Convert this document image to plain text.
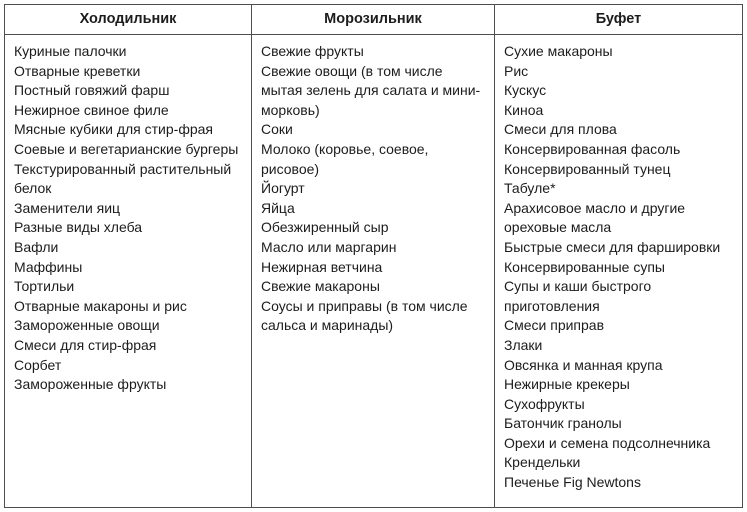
Холодильник
Куриные палочки
Отварные креветки
Постный говяжий фарш
Нежирное свиное филе
Мясные кубики для стир-фрая
Соевые и вегетарианские бургеры
Текстурированный растительный белок
Заменители яиц
Разные виды хлеба
Вафли
Маффины
Тортильи
Отварные макароны и рис
Замороженные овощи
Смеси для стир-фрая
Сорбет
Замороженные фрукты
Морозильник
Свежие фрукты
Свежие овощи (в том числе мытая зелень для салата и мини-морковь)
Соки
Молоко (коровье, соевое, рисовое)
Йогурт
Яйца
Обезжиренный сыр
Масло или маргарин
Нежирная ветчина
Свежие макароны
Соусы и приправы (в том числе сальса и маринады)
Буфет
Сухие макароны
Рис
Кускус
Киноа
Смеси для плова
Консервированная фасоль
Консервированный тунец
Табуле*
Арахисовое масло и другие ореховые масла
Быстрые смеси для фаршировки
Консервированные супы
Супы и каши быстрого приготовления
Смеси приправ
Злаки
Овсянка и манная крупа
Нежирные крекеры
Сухофрукты
Батончик гранолы
Орехи и семена подсолнечника
Крендельки
Печенье Fig Newtons
